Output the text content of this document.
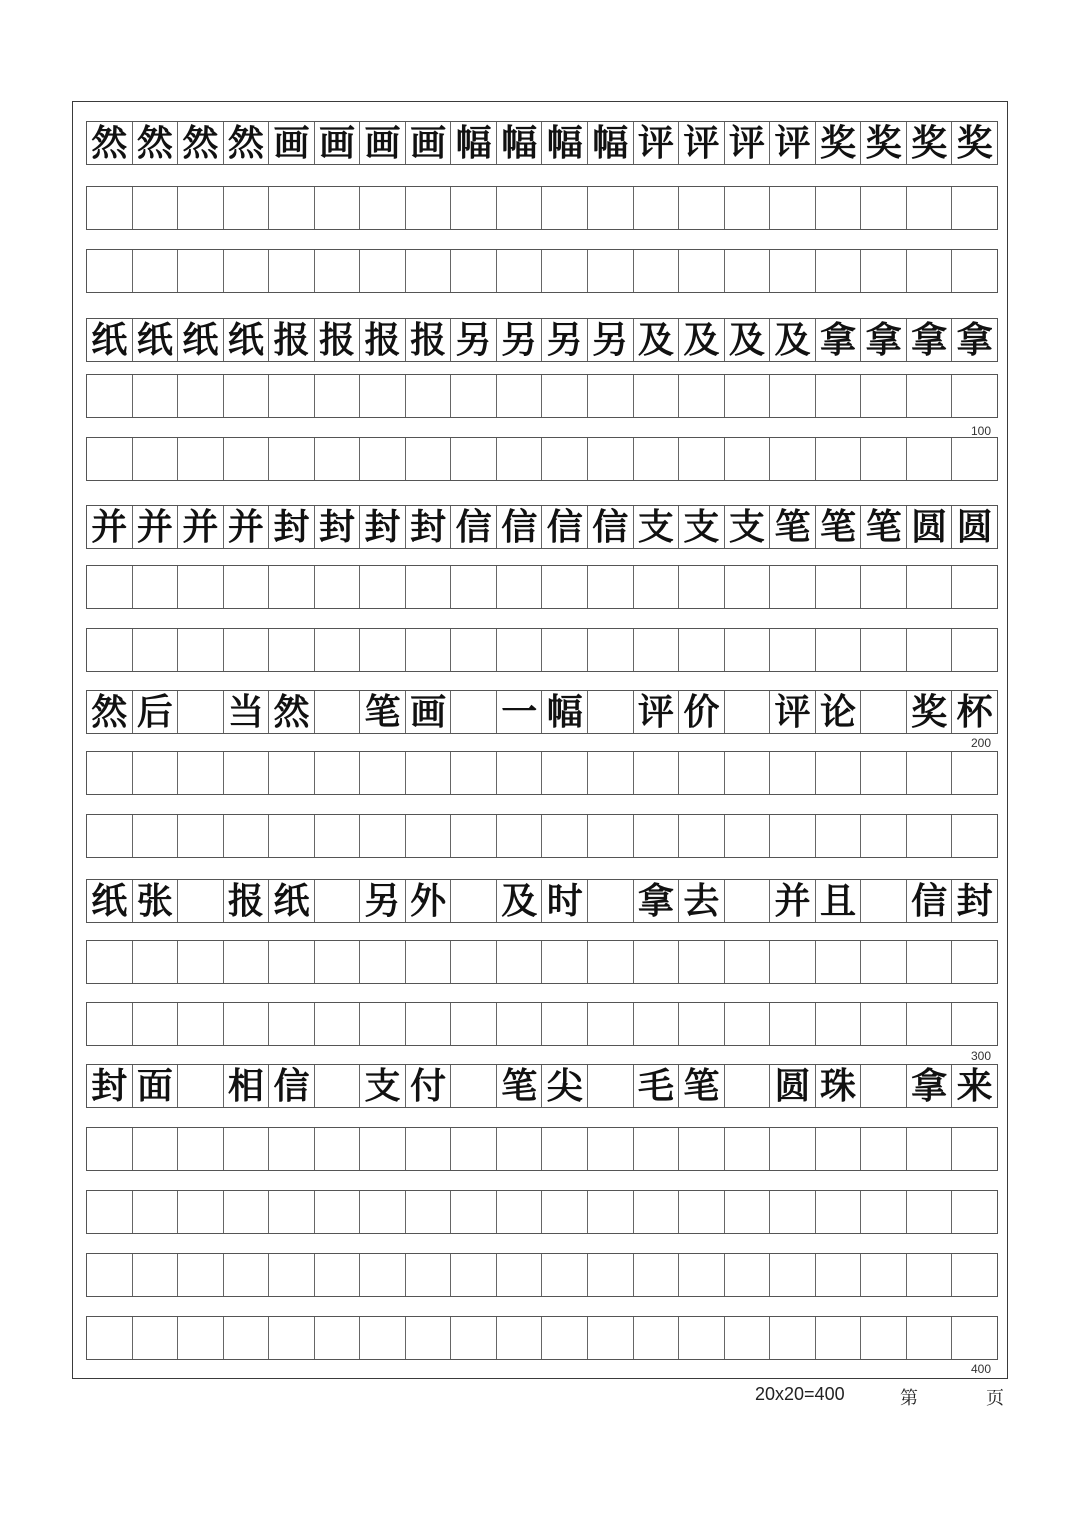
然 然 然 然 画 画 画 画 幅 幅 幅 幅 评 评 评 评 奖 奖 奖 奖
纸 纸 纸 纸 报 报 报 报 另 另 另 另 及 及 及 及 拿 拿 拿 拿
并 并 并 并 封 封 封 封 信 信 信 信 支 支 支 笔 笔 笔 圆 圆
然 后 当 然 笔 画 一 幅 评 价 评 论 奖 杯
纸 张 报 纸 另 外 及 时 拿 去 并 且 信 封
封 面 相 信 支 付 笔 尖 毛 笔 圆 珠 拿 来
100
200
300
400
20x20=400	第	页
